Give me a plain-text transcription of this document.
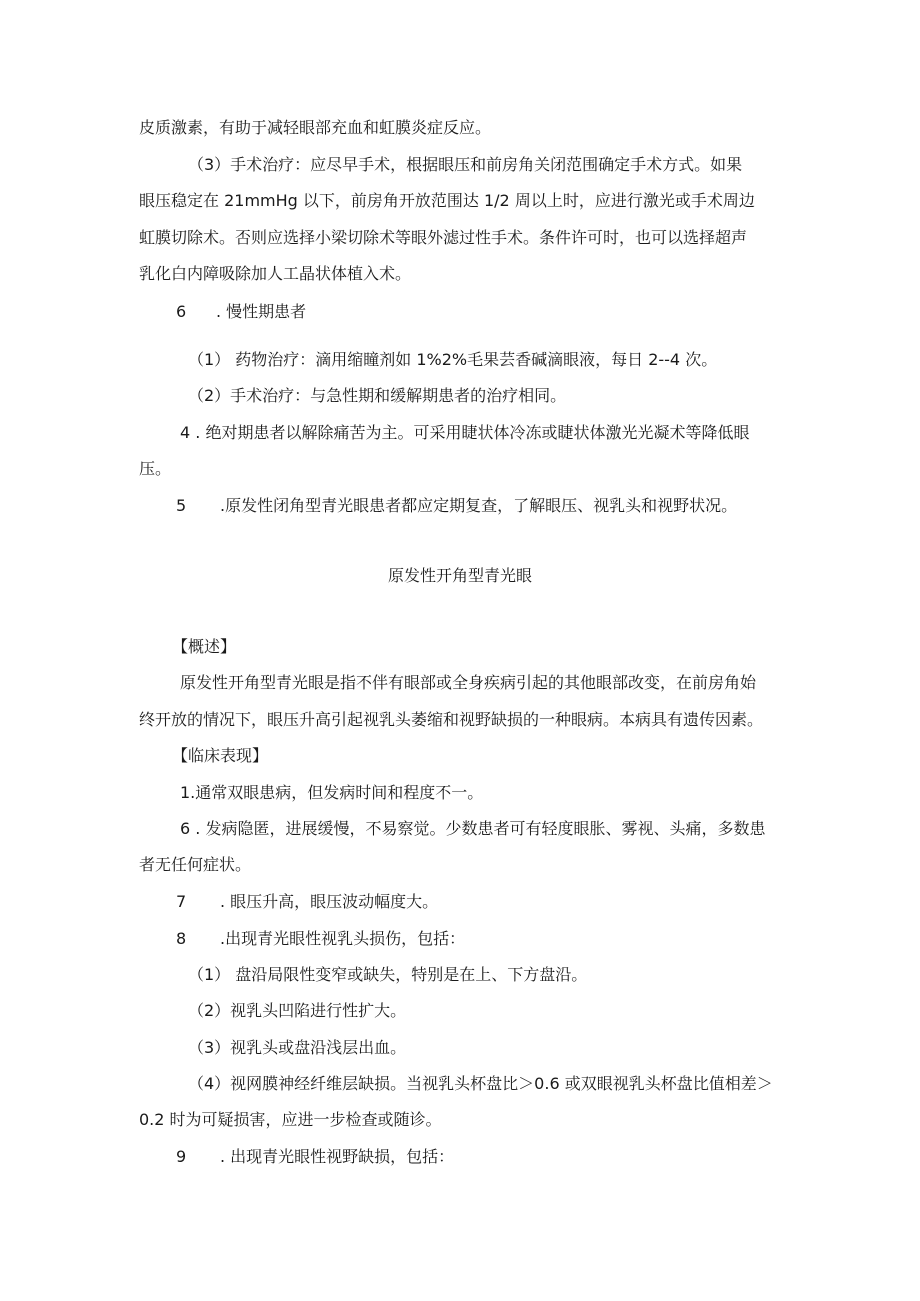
皮质激素，有助于减轻眼部充血和虹膜炎症反应。
（3）手术治疗：应尽早手术，根据眼压和前房角关闭范围确定手术方式。如果
眼压稳定在 21mmHg 以下，前房角开放范围达 1/2 周以上时，应进行激光或手术周边
虹膜切除术。否则应选择小梁切除术等眼外滤过性手术。条件许可时，也可以选择超声
乳化白内障吸除加人工晶状体植入术。
6 . 慢性期患者
（1） 药物治疗：滴用缩瞳剂如 1%2%毛果芸香碱滴眼液，每日 2--4 次。
（2）手术治疗：与急性期和缓解期患者的治疗相同。
4 . 绝对期患者以解除痛苦为主。可采用睫状体冷冻或睫状体激光光凝术等降低眼
压。
5 .原发性闭角型青光眼患者都应定期复查，了解眼压、视乳头和视野状况。
原发性开角型青光眼
【概述】
原发性开角型青光眼是指不伴有眼部或全身疾病引起的其他眼部改变，在前房角始
终开放的情况下，眼压升高引起视乳头萎缩和视野缺损的一种眼病。本病具有遗传因素。
【临床表现】
1.通常双眼患病，但发病时间和程度不一。
6 . 发病隐匿，进展缓慢，不易察觉。少数患者可有轻度眼胀、雾视、头痛，多数患
者无任何症状。
7 . 眼压升高，眼压波动幅度大。
8 .出现青光眼性视乳头损伤，包括：
（1） 盘沿局限性变窄或缺失，特别是在上、下方盘沿。
（2）视乳头凹陷进行性扩大。
（3）视乳头或盘沿浅层出血。
（4）视网膜神经纤维层缺损。当视乳头杯盘比＞0.6 或双眼视乳头杯盘比值相差＞
0.2 时为可疑损害，应进一步检查或随诊。
9 . 出现青光眼性视野缺损，包括：
